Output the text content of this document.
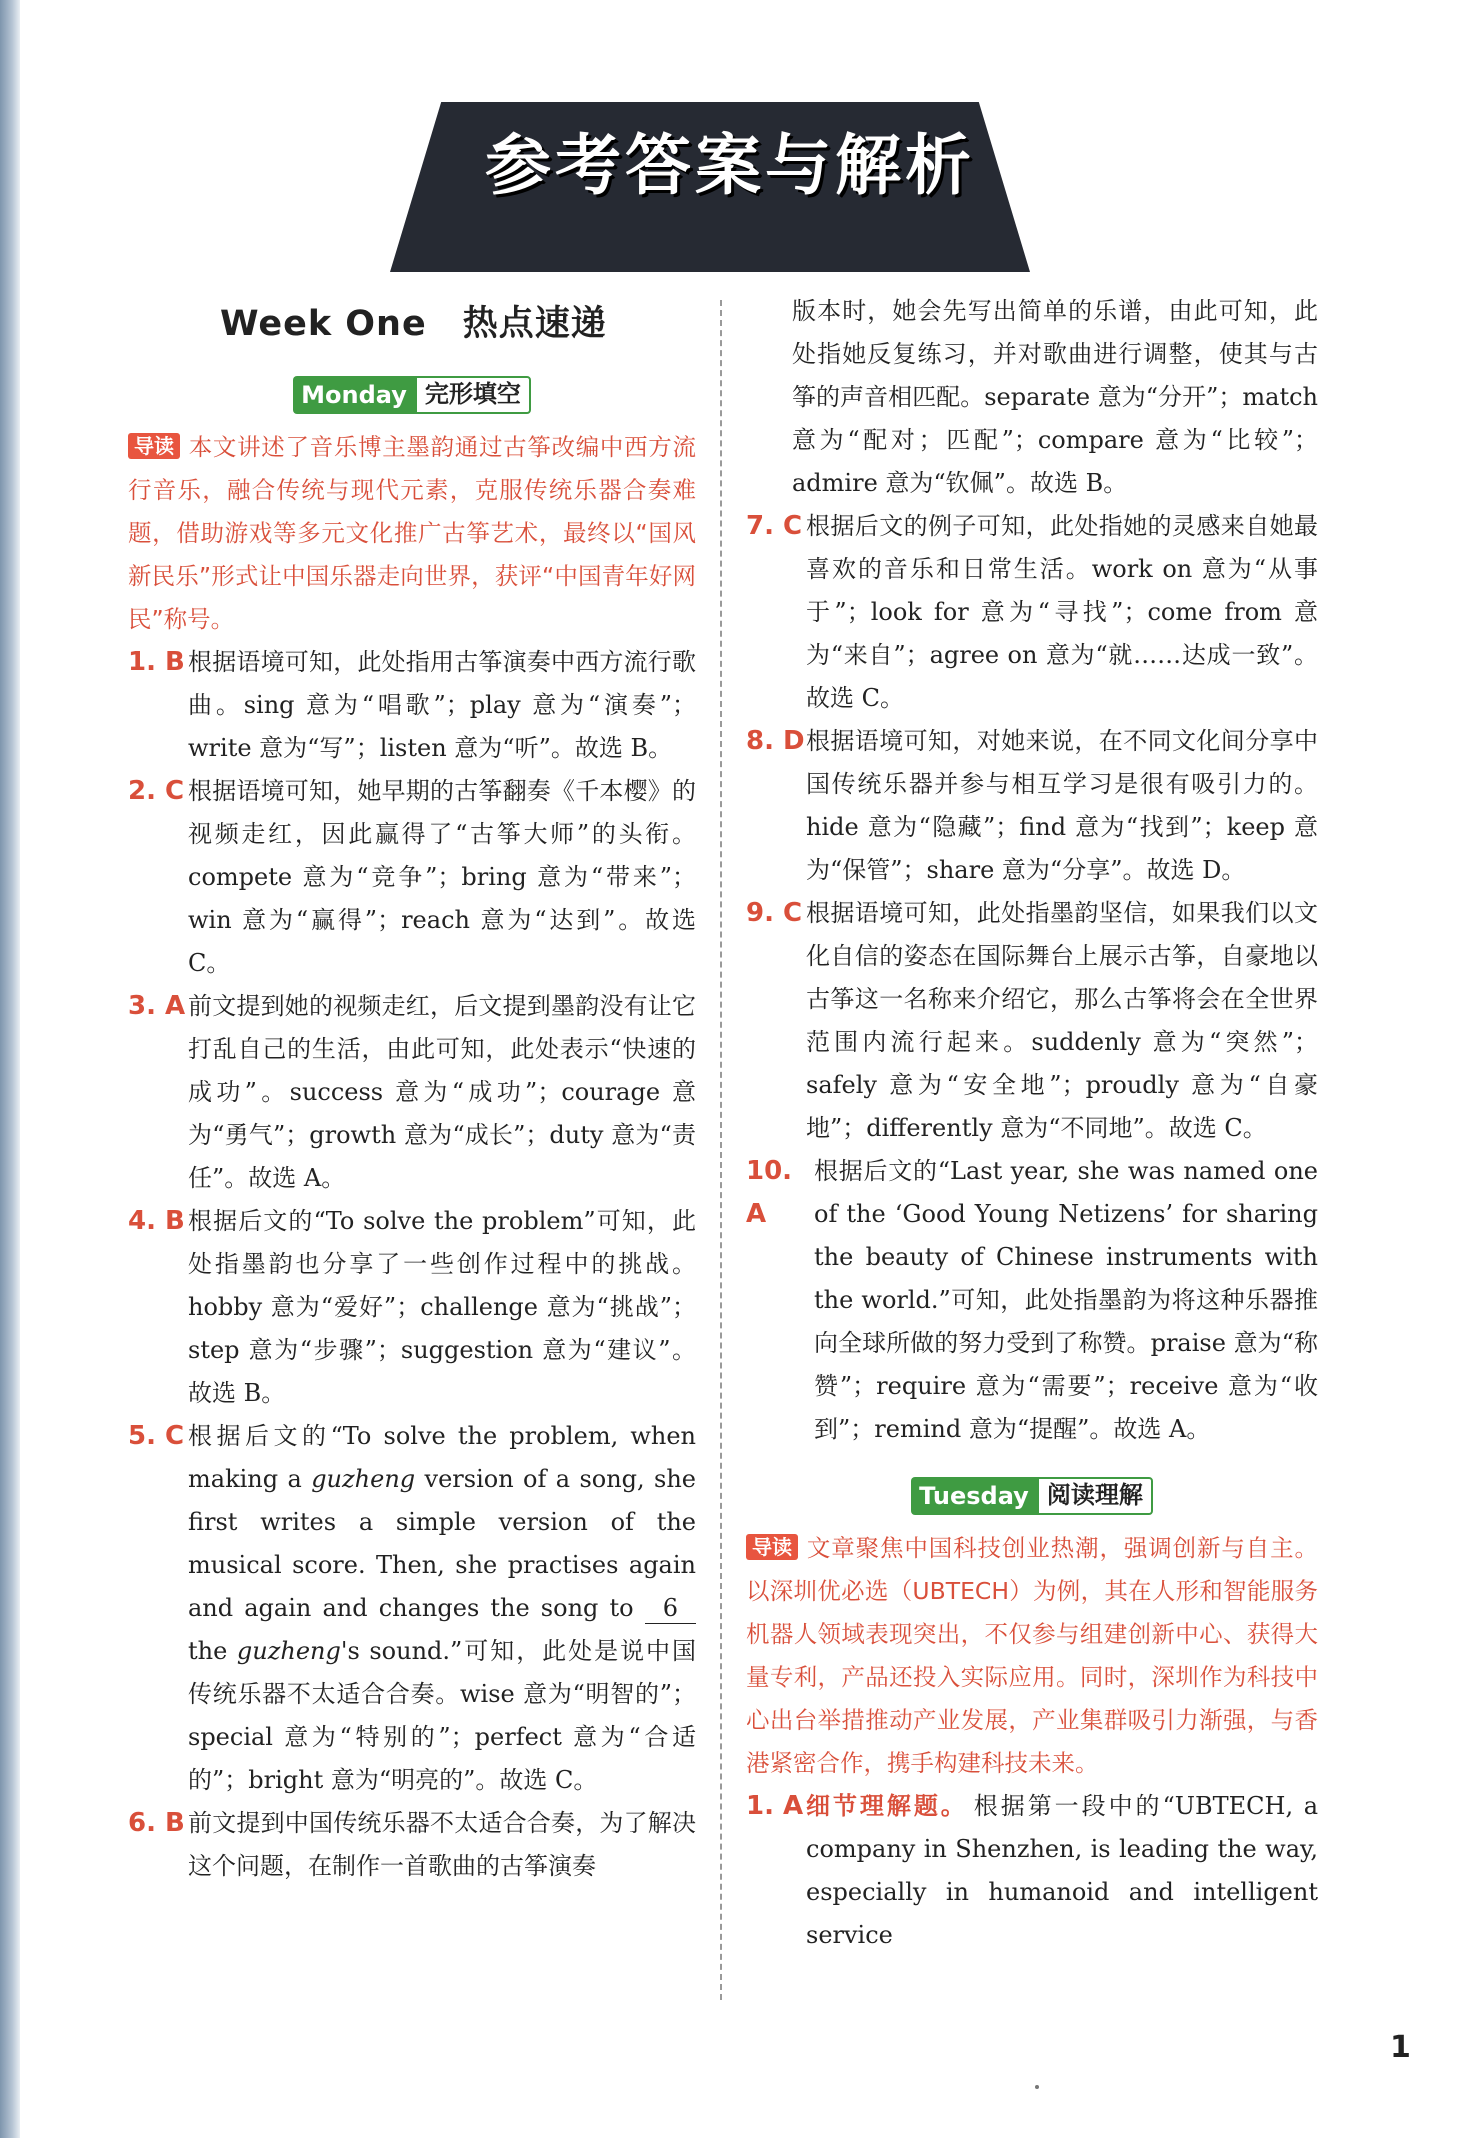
参考答案与解析
Week One　热点速递
Monday 完形填空
导读 本文讲述了音乐博主墨韵通过古筝改编中西方流行音乐，融合传统与现代元素，克服传统乐器合奏难题，借助游戏等多元文化推广古筝艺术，最终以“国风新民乐”形式让中国乐器走向世界，获评“中国青年好网民”称号。
1. B 根据语境可知，此处指用古筝演奏中西方流行歌曲。sing 意为“唱歌”；play 意为“演奏”；write 意为“写”；listen 意为“听”。故选 B。
2. C 根据语境可知，她早期的古筝翻奏《千本樱》的视频走红，因此赢得了“古筝大师”的头衔。compete 意为“竞争”；bring 意为“带来”；win 意为“赢得”；reach 意为“达到”。故选 C。
3. A 前文提到她的视频走红，后文提到墨韵没有让它打乱自己的生活，由此可知，此处表示“快速的成功”。success 意为“成功”；courage 意为“勇气”；growth 意为“成长”；duty 意为“责任”。故选 A。
4. B 根据后文的“To solve the problem”可知，此处指墨韵也分享了一些创作过程中的挑战。hobby 意为“爱好”；challenge 意为“挑战”；step 意为“步骤”；suggestion 意为“建议”。故选 B。
5. C 根据后文的“To solve the problem, when making a guzheng version of a song, she first writes a simple version of the musical score. Then, she practises again and again and changes the song to 6 the guzheng's sound.”可知，此处是说中国传统乐器不太适合合奏。wise 意为“明智的”；special 意为“特别的”；perfect 意为“合适的”；bright 意为“明亮的”。故选 C。
6. B 前文提到中国传统乐器不太适合合奏，为了解决这个问题，在制作一首歌曲的古筝演奏
版本时，她会先写出简单的乐谱，由此可知，此处指她反复练习，并对歌曲进行调整，使其与古筝的声音相匹配。separate 意为“分开”；match 意为“配对；匹配”；compare 意为“比较”；admire 意为“钦佩”。故选 B。
7. C 根据后文的例子可知，此处指她的灵感来自她最喜欢的音乐和日常生活。work on 意为“从事于”；look for 意为“寻找”；come from 意为“来自”；agree on 意为“就……达成一致”。故选 C。
8. D 根据语境可知，对她来说，在不同文化间分享中国传统乐器并参与相互学习是很有吸引力的。hide 意为“隐藏”；find 意为“找到”；keep 意为“保管”；share 意为“分享”。故选 D。
9. C 根据语境可知，此处指墨韵坚信，如果我们以文化自信的姿态在国际舞台上展示古筝，自豪地以古筝这一名称来介绍它，那么古筝将会在全世界范围内流行起来。suddenly 意为“突然”；safely 意为“安全地”；proudly 意为“自豪地”；differently 意为“不同地”。故选 C。
10. A
根据后文的“Last year, she was named one of the ‘Good Young Netizens’ for sharing the beauty of Chinese instruments with the world.”可知，此处指墨韵为将这种乐器推向全球所做的努力受到了称赞。praise 意为“称赞”；require 意为“需要”；receive 意为“收到”；remind 意为“提醒”。故选 A。
Tuesday 阅读理解
导读 文章聚焦中国科技创业热潮，强调创新与自主。以深圳优必选（UBTECH）为例，其在人形和智能服务机器人领域表现突出，不仅参与组建创新中心、获得大量专利，产品还投入实际应用。同时，深圳作为科技中心出台举措推动产业发展，产业集群吸引力渐强，与香港紧密合作，携手构建科技未来。
1. A 细节理解题。 根据第一段中的“UBTECH, a company in Shenzhen, is leading the way, especially in humanoid and intelligent service
1
